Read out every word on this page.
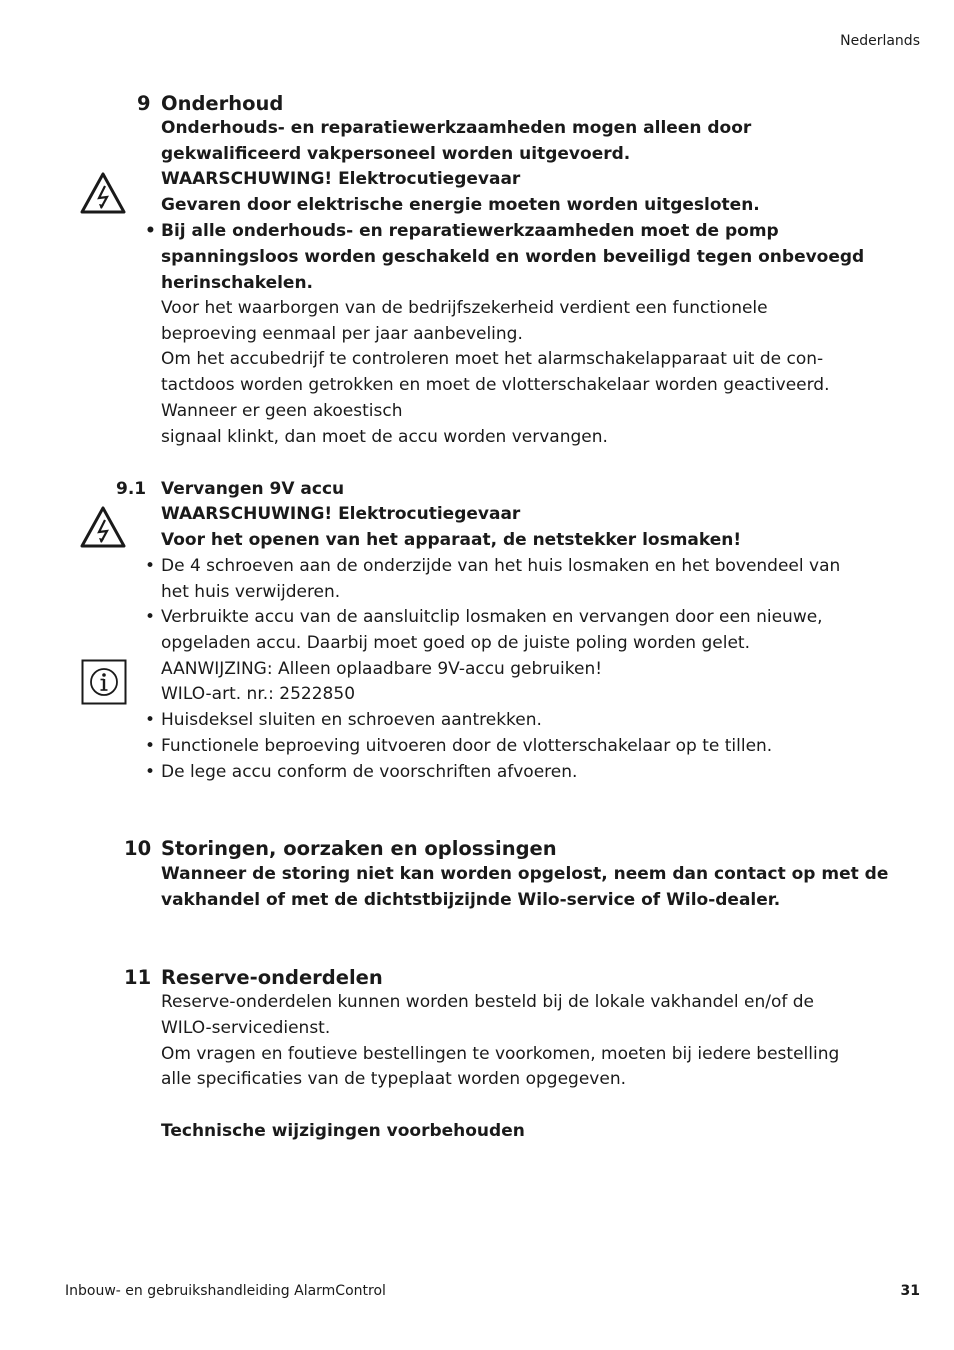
Nederlands
9 Onderhoud
Onderhouds- en reparatiewerkzaamheden mogen alleen door
gekwalificeerd vakpersoneel worden uitgevoerd.
WAARSCHUWING! Elektrocutiegevaar
Gevaren door elektrische energie moeten worden uitgesloten.
• Bij alle onderhouds- en reparatiewerkzaamheden moet de pomp
spanningsloos worden geschakeld en worden beveiligd tegen onbevoegd
herinschakelen.
Voor het waarborgen van de bedrijfszekerheid verdient een functionele
beproeving eenmaal per jaar aanbeveling.
Om het accubedrijf te controleren moet het alarmschakelapparaat uit de con-
tactdoos worden getrokken en moet de vlotterschakelaar worden geactiveerd.
Wanneer er geen akoestisch
signaal klinkt, dan moet de accu worden vervangen.
9.1 Vervangen 9V accu
WAARSCHUWING! Elektrocutiegevaar
Voor het openen van het apparaat, de netstekker losmaken!
• De 4 schroeven aan de onderzijde van het huis losmaken en het bovendeel van
het huis verwijderen.
• Verbruikte accu van de aansluitclip losmaken en vervangen door een nieuwe,
opgeladen accu. Daarbij moet goed op de juiste poling worden gelet.
AANWIJZING: Alleen oplaadbare 9V-accu gebruiken!
WILO-art. nr.: 2522850
• Huisdeksel sluiten en schroeven aantrekken.
• Functionele beproeving uitvoeren door de vlotterschakelaar op te tillen.
• De lege accu conform de voorschriften afvoeren.
10 Storingen, oorzaken en oplossingen
Wanneer de storing niet kan worden opgelost, neem dan contact op met de
vakhandel of met de dichtstbijzijnde Wilo-service of Wilo-dealer.
11 Reserve-onderdelen
Reserve-onderdelen kunnen worden besteld bij de lokale vakhandel en/of de
WILO-servicedienst.
Om vragen en foutieve bestellingen te voorkomen, moeten bij iedere bestelling
alle specificaties van de typeplaat worden opgegeven.
Technische wijzigingen voorbehouden
Inbouw- en gebruikshandleiding AlarmControl	31
